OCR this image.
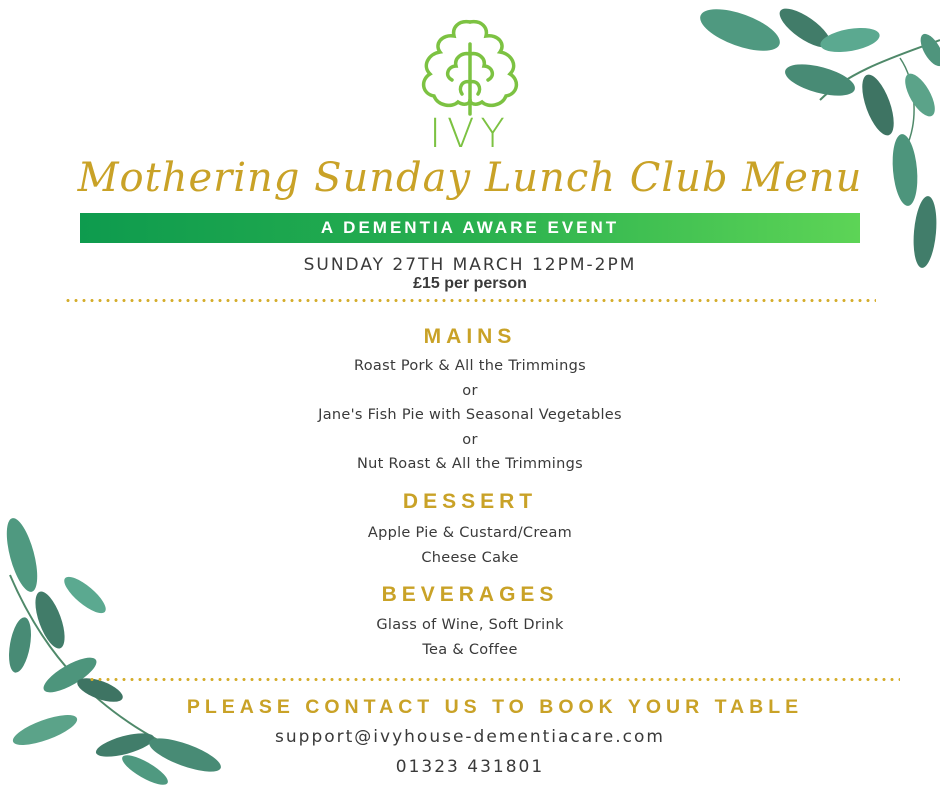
IVY
Mothering Sunday Lunch Club Menu
A DEMENTIA AWARE EVENT
SUNDAY 27TH MARCH 12PM-2PM
£15 per person
MAINS
Roast Pork & All the Trimmings
or
Jane's Fish Pie with Seasonal Vegetables
or
Nut Roast & All the Trimmings
DESSERT
Apple Pie & Custard/Cream
Cheese Cake
BEVERAGES
Glass of Wine, Soft Drink
Tea & Coffee
PLEASE CONTACT US TO BOOK YOUR TABLE
support@ivyhouse-dementiacare.com
01323 431801
